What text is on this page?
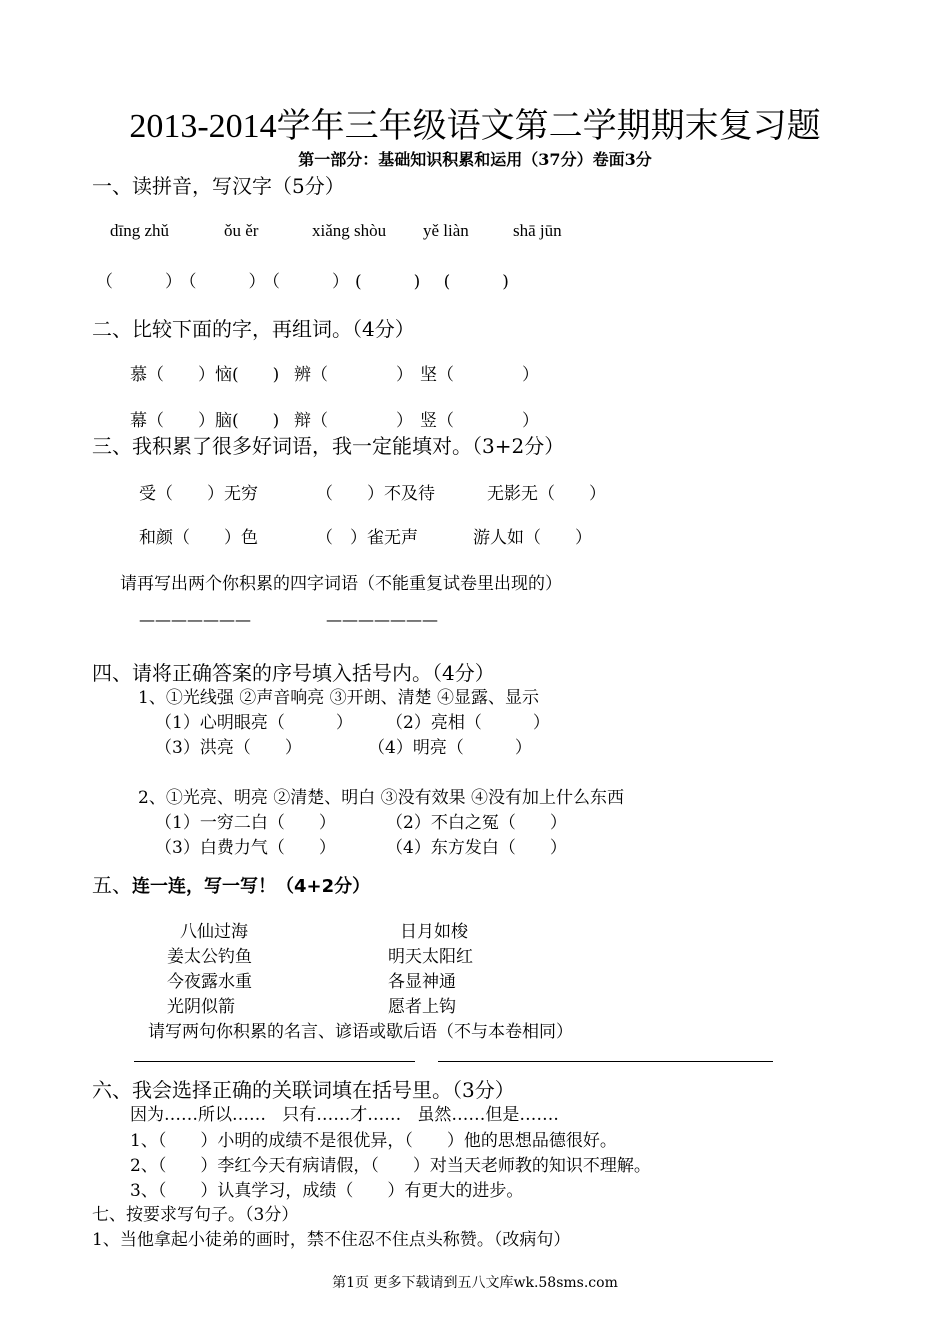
2013-2014学年三年级语文第二学期期末复习题
第一部分：基础知识积累和运用（37分）卷面3分
一、读拼音，写汉字（5分）
dīng zhǔ	ǒu ěr	xiǎng shòu yě liàn	shā jūn
（　　）（　　）（　　）(　　) (　　)
二、比较下面的字，再组词。（4分）
慕（　　） 恼(　　) 辨（　　　　） 坚（　　　　）
幕（　　） 脑(　　) 辩（　　　　） 竖（　　　　）
三、我积累了很多好词语，我一定能填对。（3+2分）
受（　　）无穷	（　　）不及待	无影无（　　）
和颜（　　）色	（　）雀无声	游人如（　　）
请再写出两个你积累的四字词语（不能重复试卷里出现的）
———————	———————
四、请将正确答案的序号填入括号内。（4分）
1、①光线强 ②声音响亮 ③开朗、清楚 ④显露、显示
（1）心明眼亮（　　　） （2）亮相（　　　）
（3）洪亮（　　）	（4）明亮（　　　）
2、①光亮、明亮 ②清楚、明白 ③没有效果 ④没有加上什么东西
（1）一穷二白（　　）	（2）不白之冤（　　）
（3）白费力气（　　）	（4）东方发白（　　）
五、连一连，写一写！（4+2分）
八仙过海
姜太公钓鱼
今夜露水重
光阴似箭
日月如梭
明天太阳红
各显神通
愿者上钩
请写两句你积累的名言、谚语或歇后语（不与本卷相同）
六、我会选择正确的关联词填在括号里。（3分）
因为……所以……   只有……才……   虽然……但是…….
1、（　　）小明的成绩不是很优异，（　　）他的思想品德很好。
2、（　　）李红今天有病请假，（　　）对当天老师教的知识不理解。
3、（　　）认真学习，成绩（　　）有更大的进步。
七、按要求写句子。（3分）
1、当他拿起小徒弟的画时，禁不住忍不住点头称赞。（改病句）
第1页 更多下载请到五八文库wk.58sms.com
